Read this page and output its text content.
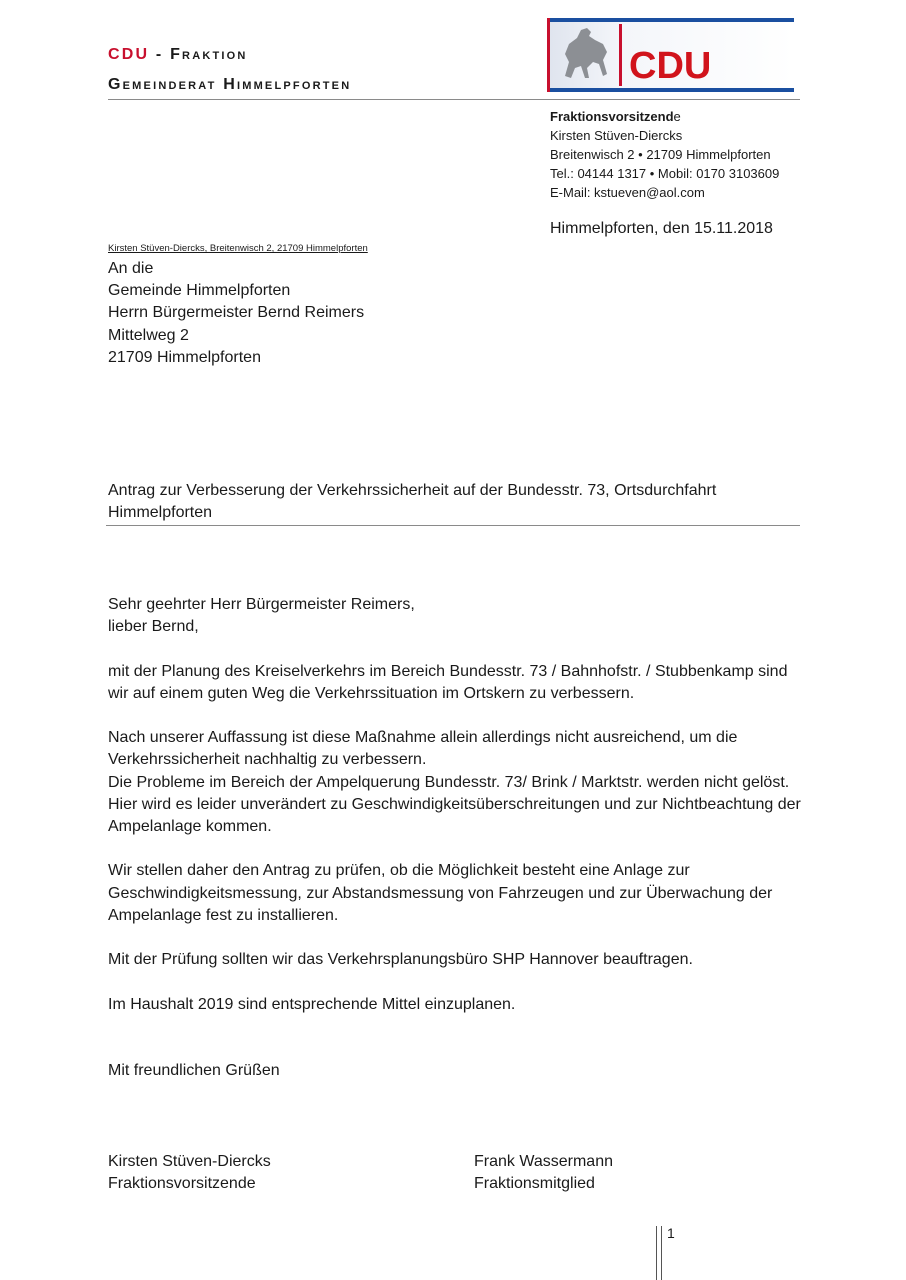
CDU - Fraktion
Gemeinderat Himmelpforten	CDU
Fraktionsvorsitzende
Kirsten Stüven-Diercks
Breitenwisch 2 • 21709 Himmelpforten
Tel.: 04144 1317 • Mobil: 0170 3103609
E-Mail: kstueven@aol.com
Himmelpforten, den 15.11.2018
Kirsten Stüven-Diercks, Breitenwisch 2, 21709 Himmelpforten
An die
Gemeinde Himmelpforten
Herrn Bürgermeister Bernd Reimers
Mittelweg 2
21709 Himmelpforten
Antrag zur Verbesserung der Verkehrssicherheit auf der Bundesstr. 73, Ortsdurchfahrt Himmelpforten

Sehr geehrter Herr Bürgermeister Reimers,

lieber Bernd,

mit der Planung des Kreiselverkehrs im Bereich Bundesstr. 73 / Bahnhofstr. / Stubbenkamp sind wir auf einem guten Weg die Verkehrssituation im Ortskern zu verbessern.

Nach unserer Auffassung ist diese Maßnahme allein allerdings nicht ausreichend, um die Verkehrssicherheit nachhaltig zu verbessern.

Die Probleme im Bereich der Ampelquerung Bundesstr. 73/ Brink / Marktstr. werden nicht gelöst. Hier wird es leider unverändert zu Geschwindigkeitsüberschreitungen und zur Nichtbeachtung der Ampelanlage kommen.

Wir stellen daher den Antrag zu prüfen, ob die Möglichkeit besteht eine Anlage zur Geschwindigkeitsmessung, zur Abstandsmessung von Fahrzeugen und zur Überwachung der Ampelanlage fest zu installieren.

Mit der Prüfung sollten wir das Verkehrsplanungsbüro SHP Hannover beauftragen.

Im Haushalt 2019 sind entsprechende Mittel einzuplanen.

Mit freundlichen Grüßen

Kirsten Stüven-Diercks
Fraktionsvorsitzende
Frank Wassermann
Fraktionsmitglied
1
